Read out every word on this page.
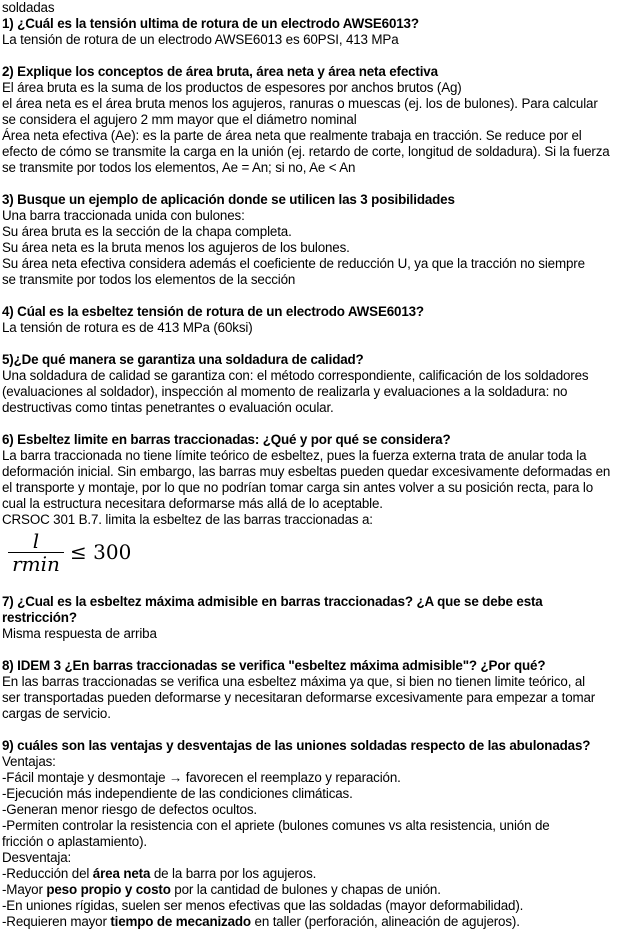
soldadas
1) ¿Cuál es la tensión ultima de rotura de un electrodo AWSE6013?
La tensión de rotura de un electrodo AWSE6013 es 60PSI, 413 MPa
2) Explique los conceptos de área bruta, área neta y área neta efectiva
El área bruta es la suma de los productos de espesores por anchos brutos (Ag)
el área neta es el área bruta menos los agujeros, ranuras o muescas (ej. los de bulones). Para calcular
se considera el agujero 2 mm mayor que el diámetro nominal
Área neta efectiva (Ae): es la parte de área neta que realmente trabaja en tracción. Se reduce por el
efecto de cómo se transmite la carga en la unión (ej. retardo de corte, longitud de soldadura). Si la fuerza
se transmite por todos los elementos, Ae = An; si no, Ae < An
3) Busque un ejemplo de aplicación donde se utilicen las 3 posibilidades
Una barra traccionada unida con bulones:
Su área bruta es la sección de la chapa completa.
Su área neta es la bruta menos los agujeros de los bulones.
Su área neta efectiva considera además el coeficiente de reducción U, ya que la tracción no siempre
se transmite por todos los elementos de la sección
4) Cúal es la esbeltez tensión de rotura de un electrodo AWSE6013?
La tensión de rotura es de 413 MPa (60ksi)
5)¿De qué manera se garantiza una soldadura de calidad?
Una soldadura de calidad se garantiza con: el método correspondiente, calificación de los soldadores
(evaluaciones al soldador), inspección al momento de realizarla y evaluaciones a la soldadura: no
destructivas como tintas penetrantes o evaluación ocular.
6) Esbeltez limite en barras traccionadas: ¿Qué y por qué se considera?
La barra traccionada no tiene límite teórico de esbeltez, pues la fuerza externa trata de anular toda la
deformación inicial. Sin embargo, las barras muy esbeltas pueden quedar excesivamente deformadas en
el transporte y montaje, por lo que no podrían tomar carga sin antes volver a su posición recta, para lo
cual la estructura necesitara deformarse más allá de lo aceptable.
CRSOC 301 B.7. limita la esbeltez de las barras traccionadas a:
$\frac{l}{rmin} \le 300$
7) ¿Cual es la esbeltez máxima admisible en barras traccionadas? ¿A que se debe esta
restricción?
Misma respuesta de arriba
8) IDEM 3 ¿En barras traccionadas se verifica "esbeltez máxima admisible"? ¿Por qué?
En las barras traccionadas se verifica una esbeltez máxima ya que, si bien no tienen limite teórico, al
ser transportadas pueden deformarse y necesitaran deformarse excesivamente para empezar a tomar
cargas de servicio.
9) cuáles son las ventajas y desventajas de las uniones soldadas respecto de las abulonadas?
Ventajas:
-Fácil montaje y desmontaje → favorecen el reemplazo y reparación.
-Ejecución más independiente de las condiciones climáticas.
-Generan menor riesgo de defectos ocultos.
-Permiten controlar la resistencia con el apriete (bulones comunes vs alta resistencia, unión de
fricción o aplastamiento).
Desventaja:
-Reducción del área neta de la barra por los agujeros.
-Mayor peso propio y costo por la cantidad de bulones y chapas de unión.
-En uniones rígidas, suelen ser menos efectivas que las soldadas (mayor deformabilidad).
-Requieren mayor tiempo de mecanizado en taller (perforación, alineación de agujeros).
